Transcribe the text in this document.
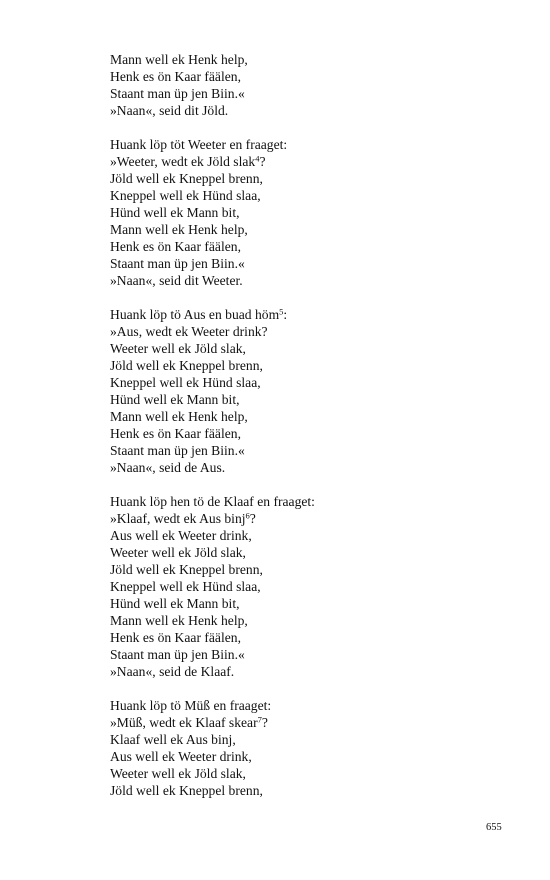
Mann well ek Henk help,
Henk es ön Kaar fäälen,
Staant man üp jen Biin.«
»Naan«, seid dit Jöld.
Huank löp töt Weeter en fraaget:
»Weeter, wedt ek Jöld slak$^4$?
Jöld well ek Kneppel brenn,
Kneppel well ek Hünd slaa,
Hünd well ek Mann bit,
Mann well ek Henk help,
Henk es ön Kaar fäälen,
Staant man üp jen Biin.«
»Naan«, seid dit Weeter.
Huank löp tö Aus en buad höm$^5$:
»Aus, wedt ek Weeter drink?
Weeter well ek Jöld slak,
Jöld well ek Kneppel brenn,
Kneppel well ek Hünd slaa,
Hünd well ek Mann bit,
Mann well ek Henk help,
Henk es ön Kaar fäälen,
Staant man üp jen Biin.«
»Naan«, seid de Aus.
Huank löp hen tö de Klaaf en fraaget:
»Klaaf, wedt ek Aus binj$^6$?
Aus well ek Weeter drink,
Weeter well ek Jöld slak,
Jöld well ek Kneppel brenn,
Kneppel well ek Hünd slaa,
Hünd well ek Mann bit,
Mann well ek Henk help,
Henk es ön Kaar fäälen,
Staant man üp jen Biin.«
»Naan«, seid de Klaaf.
Huank löp tö Müß en fraaget:
»Müß, wedt ek Klaaf skear$^7$?
Klaaf well ek Aus binj,
Aus well ek Weeter drink,
Weeter well ek Jöld slak,
Jöld well ek Kneppel brenn,
655
